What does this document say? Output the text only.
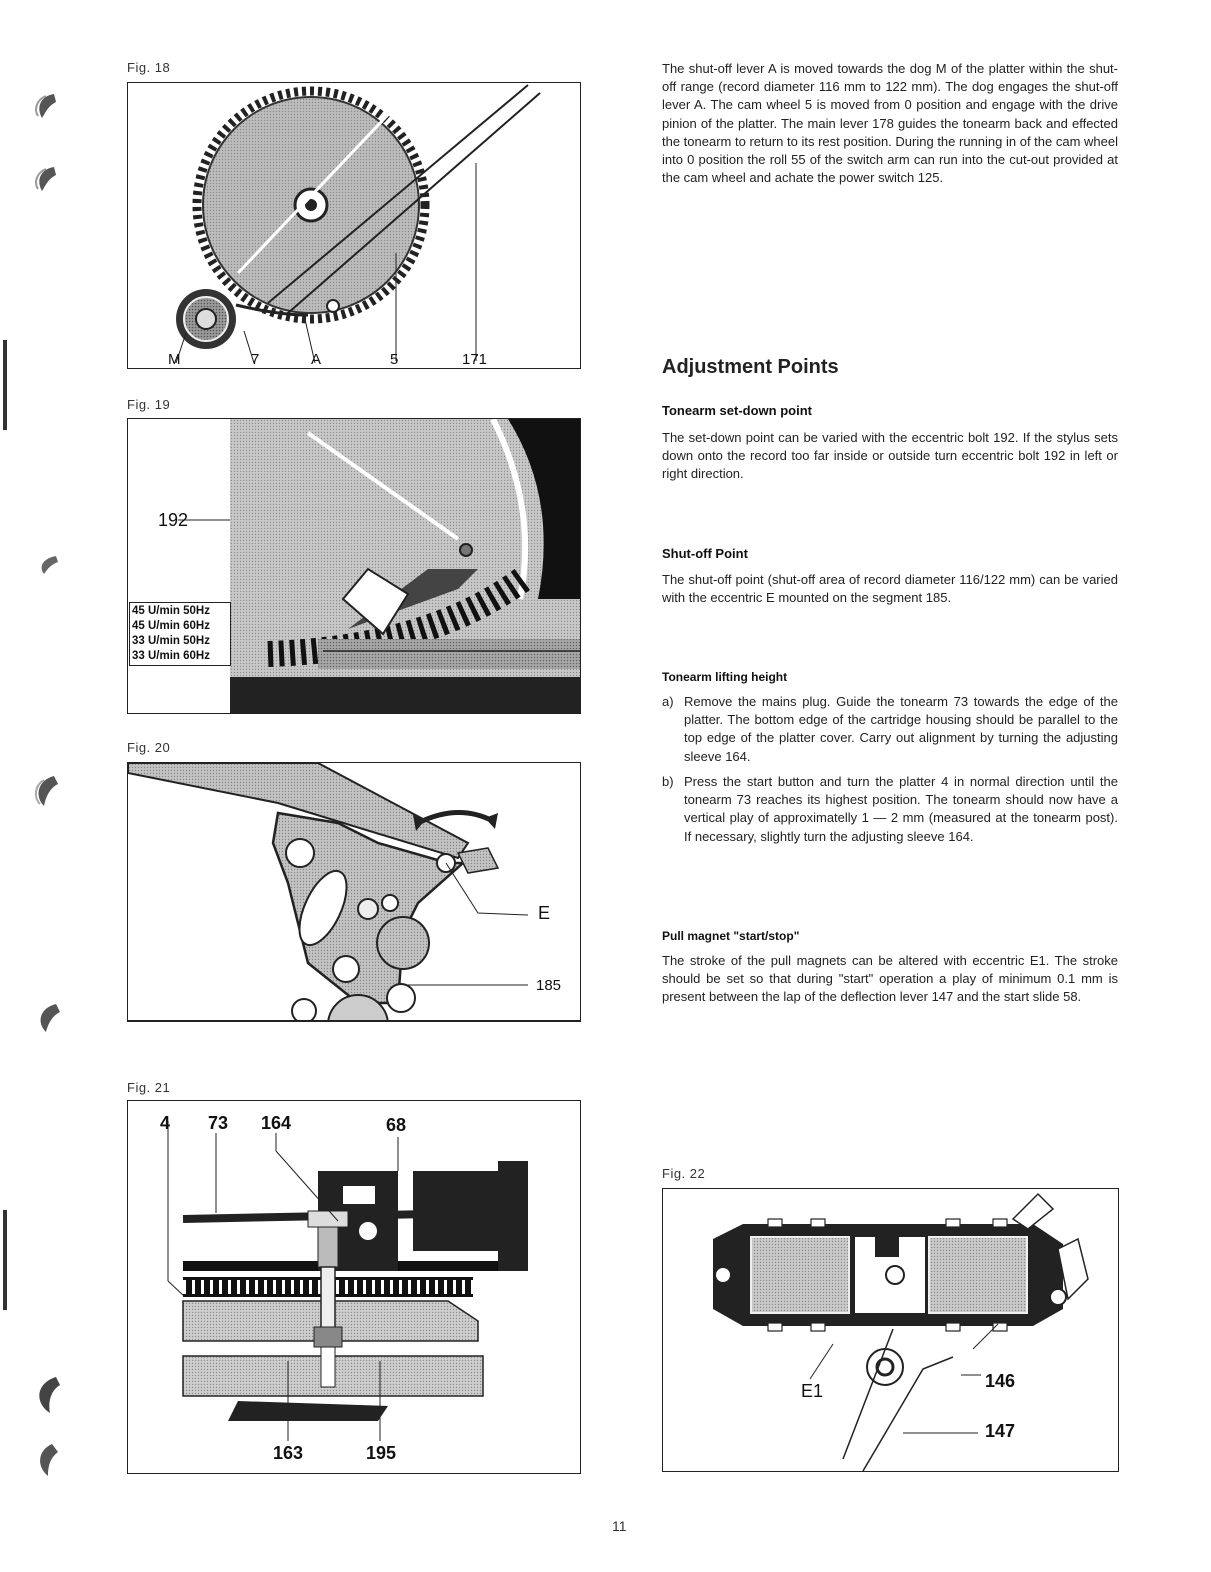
Fig. 18
M	7	A	5	171
Fig. 19
192
45 U/min 50Hz
45 U/min 60Hz
33 U/min 50Hz
33 U/min 60Hz
Fig. 20
E
185
Fig. 21
4 73 164	68
163	195
Fig. 22
E1	146
147

The shut-off lever A is moved towards the dog M of the platter within the shut-off range (record diameter 116 mm to 122 mm). The dog engages the shut-off lever A. The cam wheel 5 is moved from 0 position and engage with the drive pinion of the platter. The main lever 178 guides the tonearm back and effected the tonearm to return to its rest position. During the running in of the cam wheel into 0 position the roll 55 of the switch arm can run into the cut-out provided at the cam wheel and achate the power switch 125.

Adjustment Points
Tonearm set-down point

The set-down point can be varied with the eccentric bolt 192. If the stylus sets down onto the record too far inside or outside turn eccentric bolt 192 in left or right direction.

Shut-off Point

The shut-off point (shut-off area of record diameter 116/122 mm) can be varied with the eccentric E mounted on the segment 185.

Tonearm lifting height
a) Remove the mains plug. Guide the tonearm 73 towards the edge of the platter. The bottom edge of the cartridge housing should be parallel to the top edge of the platter cover. Carry out alignment by turning the adjusting sleeve 164.
b) Press the start button and turn the platter 4 in normal direction until the tonearm 73 reaches its highest position. The tonearm should now have a vertical play of approximatelly 1 — 2 mm (measured at the tonearm post). If necessary, slightly turn the adjusting sleeve 164.
Pull magnet "start/stop"

The stroke of the pull magnets can be altered with eccentric E1. The stroke should be set so that during "start" operation a play of minimum 0.1 mm is present between the lap of the deflection lever 147 and the start slide 58.

11
